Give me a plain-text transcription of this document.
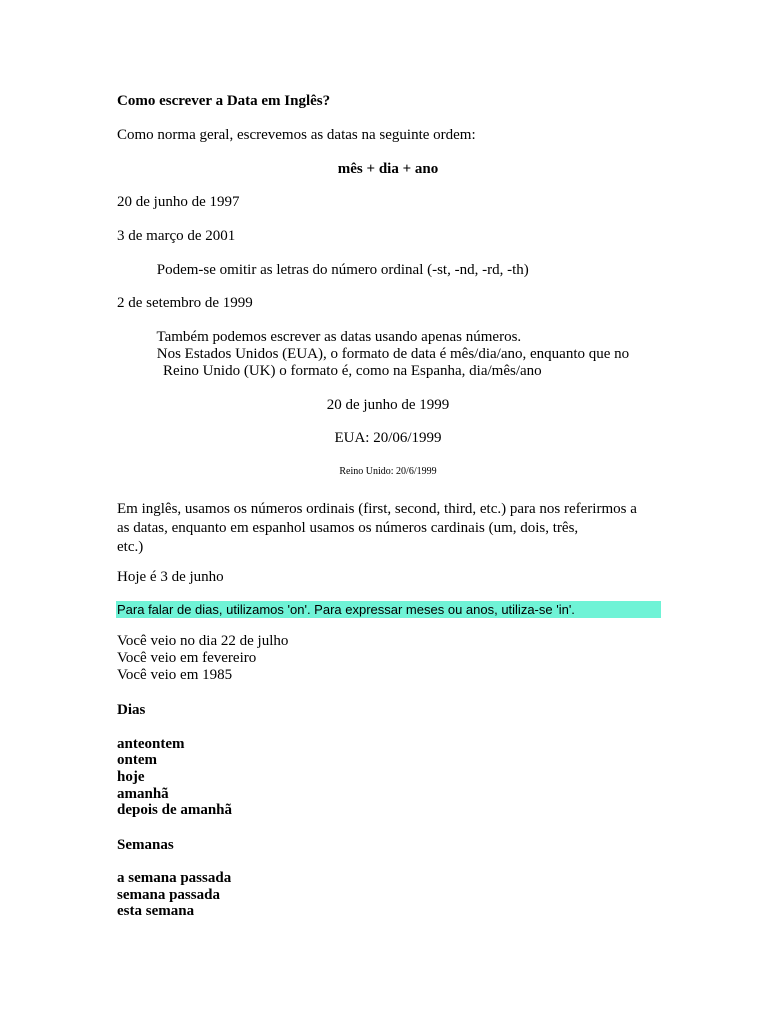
Como escrever a Data em Inglês?
Como norma geral, escrevemos as datas na seguinte ordem:
mês + dia + ano
20 de junho de 1997
3 de março de 2001
Podem-se omitir as letras do número ordinal (-st, -nd, -rd, -th)
2 de setembro de 1999
Também podemos escrever as datas usando apenas números.
Nos Estados Unidos (EUA), o formato de data é mês/dia/ano, enquanto que no
Reino Unido (UK) o formato é, como na Espanha, dia/mês/ano
20 de junho de 1999
EUA: 20/06/1999
Reino Unido: 20/6/1999
Em inglês, usamos os números ordinais (first, second, third, etc.) para nos referirmos a
as datas, enquanto em espanhol usamos os números cardinais (um, dois, três,
etc.)
Hoje é 3 de junho
Para falar de dias, utilizamos 'on'. Para expressar meses ou anos, utiliza-se 'in'.
Você veio no dia 22 de julho
Você veio em fevereiro
Você veio em 1985
Dias
anteontem
ontem
hoje
amanhã
depois de amanhã
Semanas
a semana passada
semana passada
esta semana
